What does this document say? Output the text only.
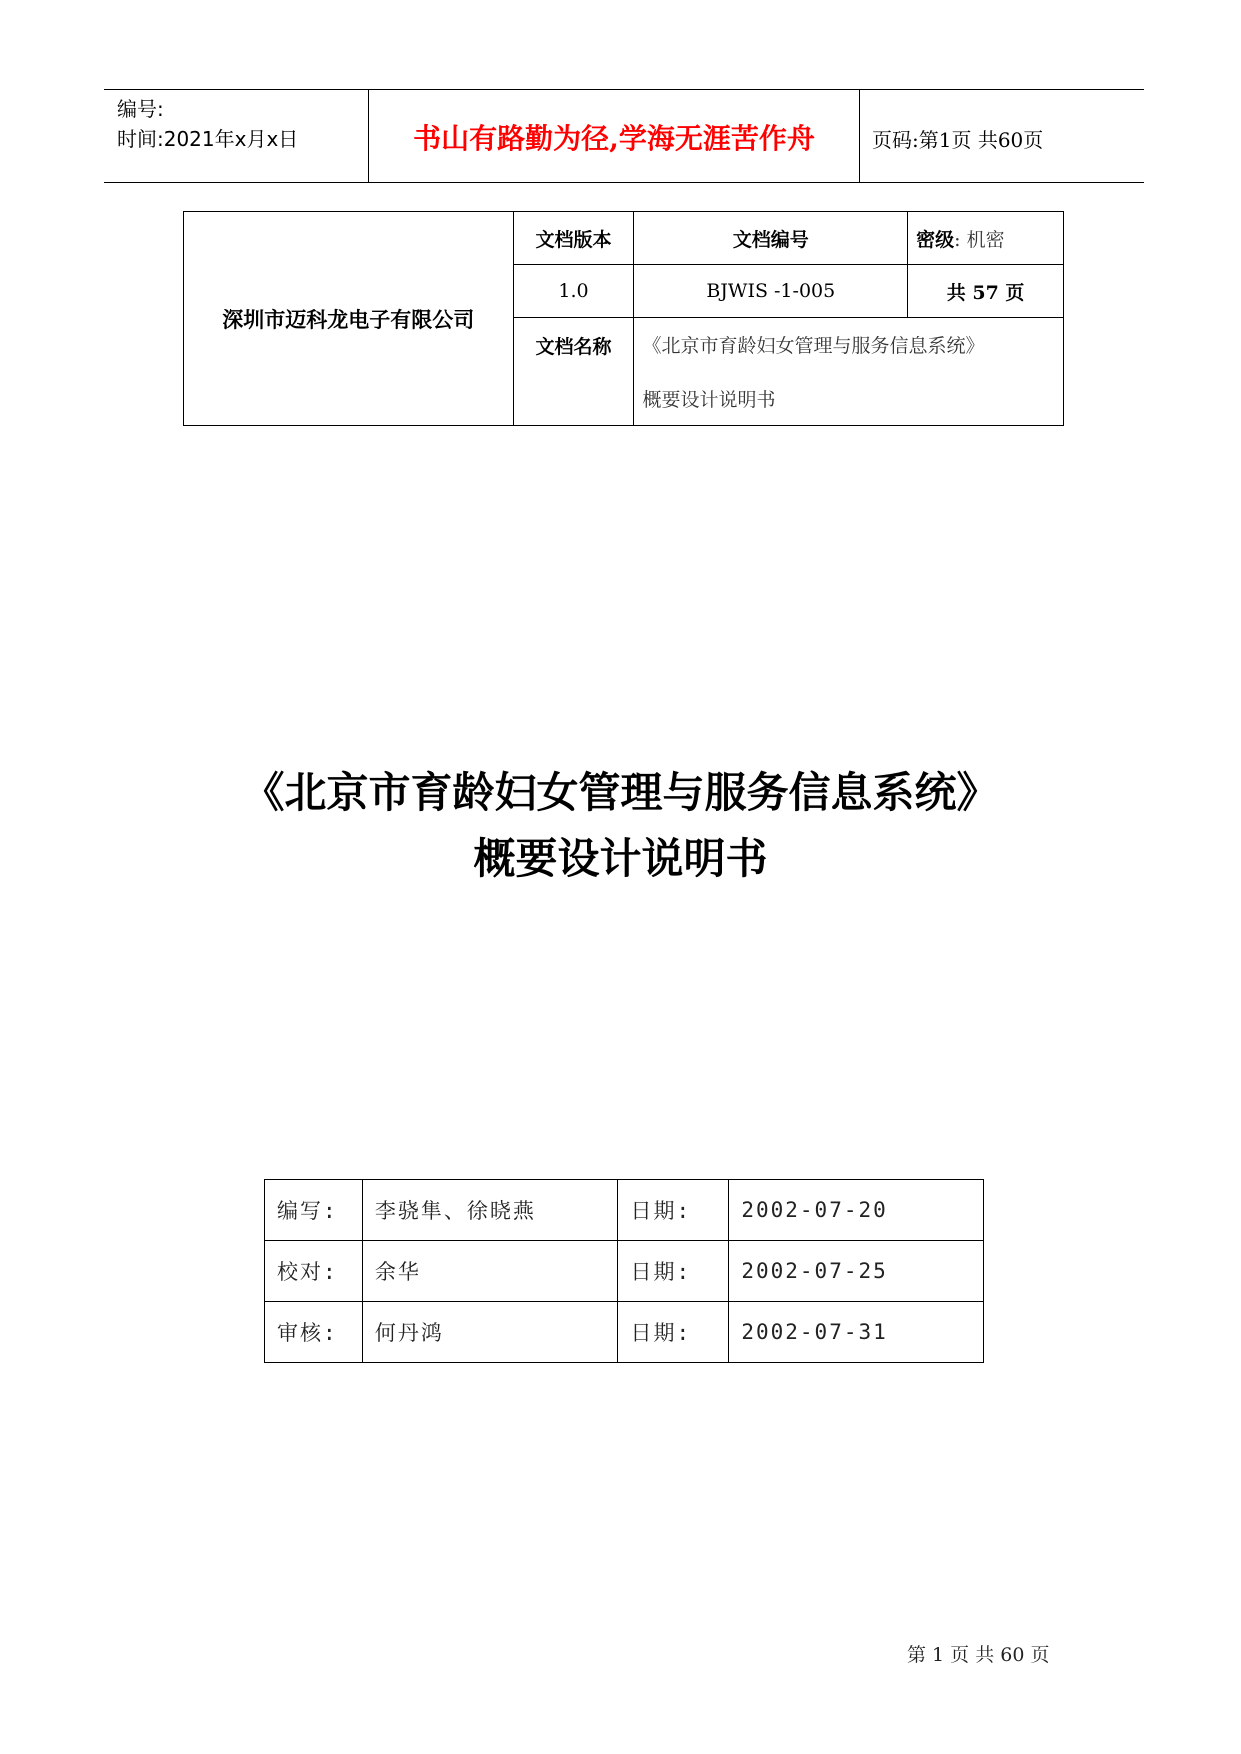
编号:
时间:2021年x月x日	书山有路勤为径,学海无涯苦作舟	页码:第1页 共60页
深圳市迈科龙电子有限公司	文档版本	文档编号	密级: 机密
	1.0	BJWIS -1-005	共 57 页
	文档名称	《北京市育龄妇女管理与服务信息系统》	
		概要设计说明书	
《北京市育龄妇女管理与服务信息系统》
概要设计说明书
编写:	李骁隼、徐晓燕	日期:	2002-07-20
校对:	余华	日期:	2002-07-25
审核:	何丹鸿	日期:	2002-07-31
第 1 页 共 60 页
